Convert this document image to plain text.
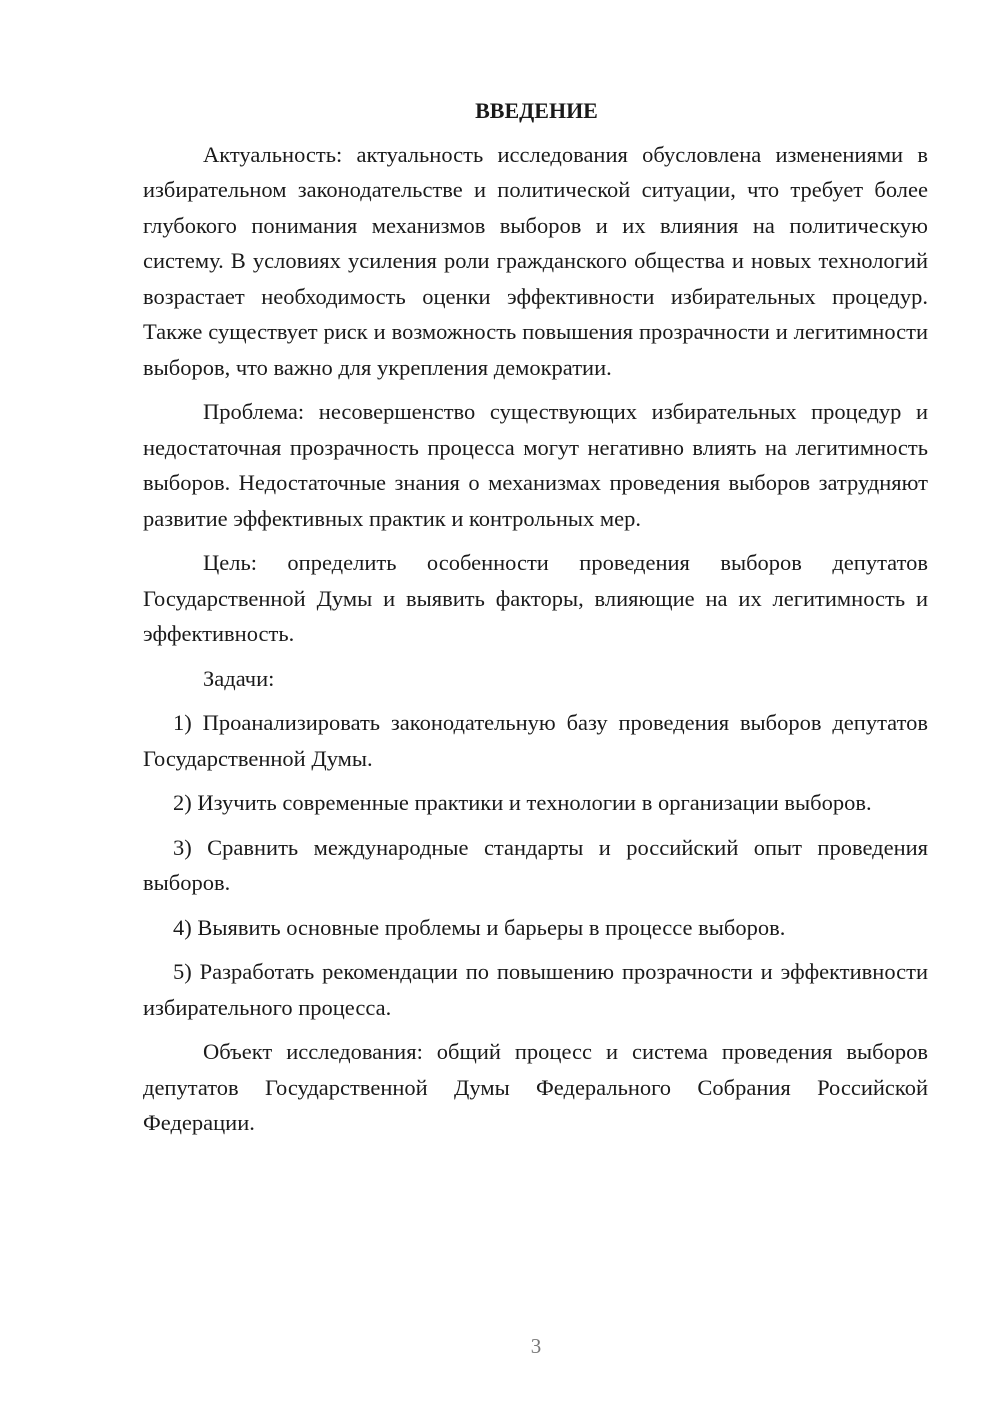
ВВЕДЕНИЕ

Актуальность: актуальность исследования обусловлена изменениями в избирательном законодательстве и политической ситуации, что требует более глубокого понимания механизмов выборов и их влияния на политическую систему. В условиях усиления роли гражданского общества и новых технологий возрастает необходимость оценки эффективности избирательных процедур. Также существует риск и возможность повышения прозрачности и легитимности выборов, что важно для укрепления демократии.

Проблема: несовершенство существующих избирательных процедур и недостаточная прозрачность процесса могут негативно влиять на легитимность выборов. Недостаточные знания о механизмах проведения выборов затрудняют развитие эффективных практик и контрольных мер.

Цель: определить особенности проведения выборов депутатов Государственной Думы и выявить факторы, влияющие на их легитимность и эффективность.

Задачи:

1) Проанализировать законодательную базу проведения выборов депутатов Государственной Думы.

2) Изучить современные практики и технологии в организации выборов.

3) Сравнить международные стандарты и российский опыт проведения выборов.

4) Выявить основные проблемы и барьеры в процессе выборов.

5) Разработать рекомендации по повышению прозрачности и эффективности избирательного процесса.

Объект исследования: общий процесс и система проведения выборов депутатов Государственной Думы Федерального Собрания Российской Федерации.

3
